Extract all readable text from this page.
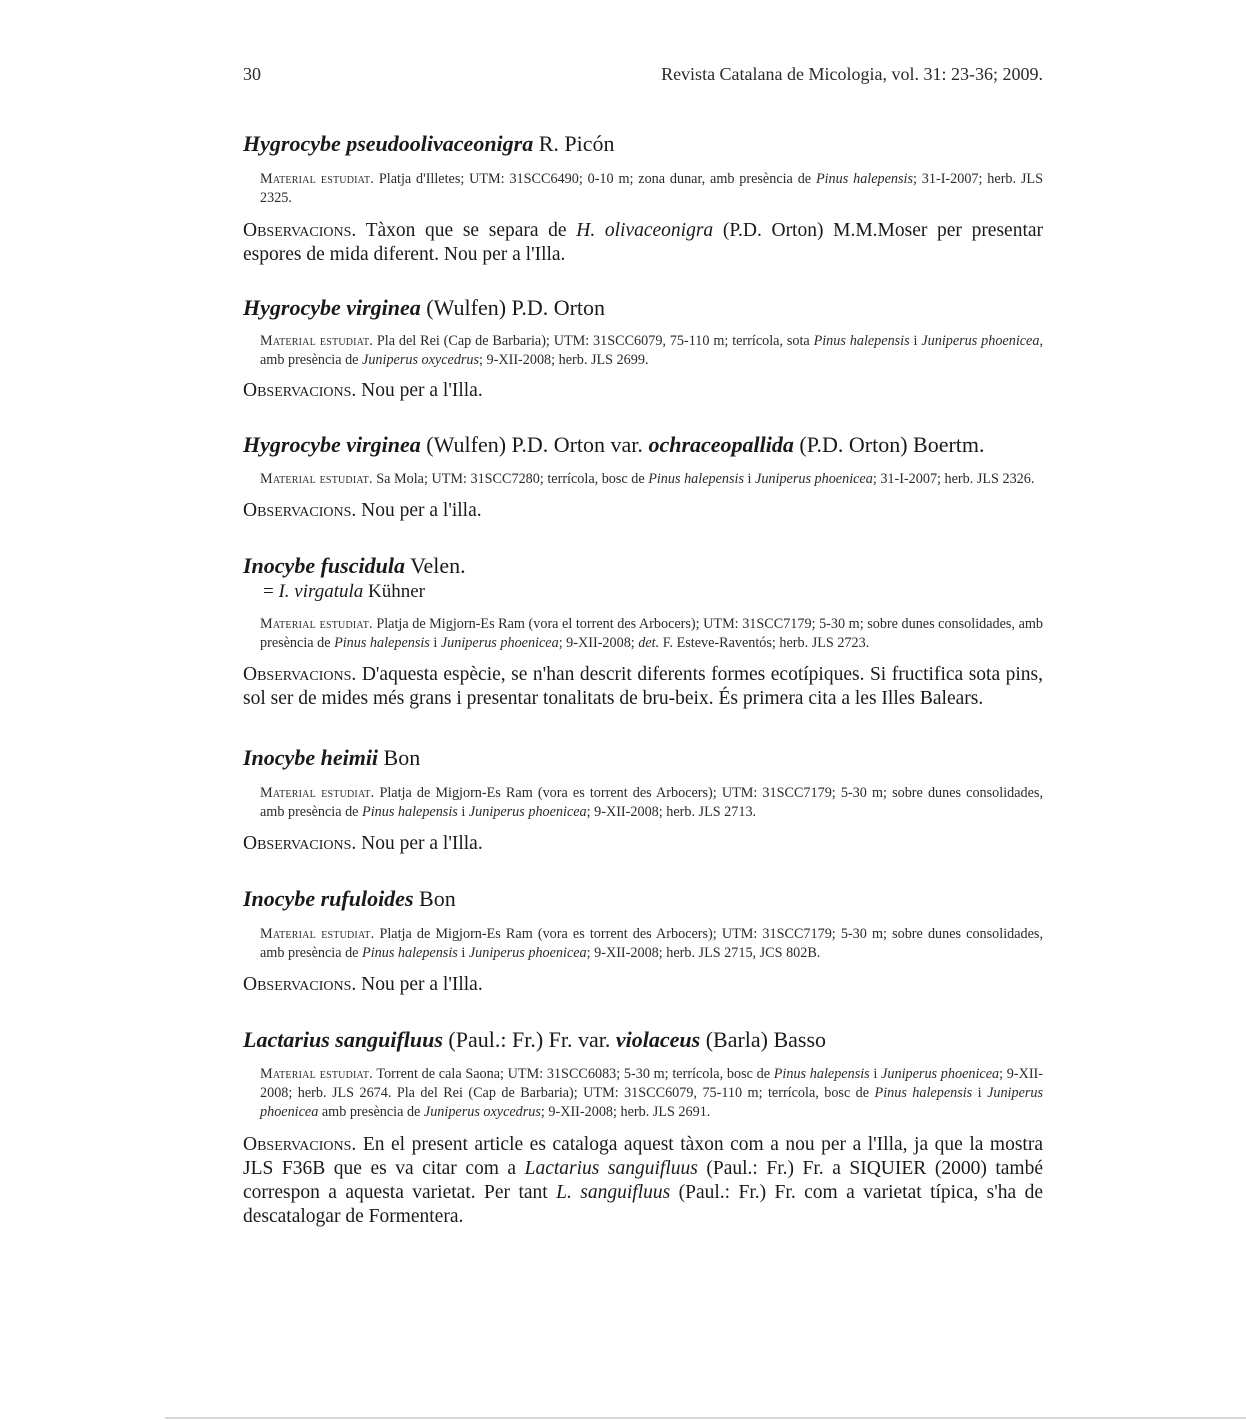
30	Revista Catalana de Micologia, vol. 31: 23-36; 2009.
Hygrocybe pseudoolivaceonigra R. Picón

Material estudiat. Platja d'Illetes; UTM: 31SCC6490; 0-10 m; zona dunar, amb presència de Pinus halepensis; 31-I-2007; herb. JLS 2325.

Observacions. Tàxon que se separa de H. olivaceonigra (P.D. Orton) M.M.Moser per presentar espores de mida diferent. Nou per a l'Illa.

Hygrocybe virginea (Wulfen) P.D. Orton

Material estudiat. Pla del Rei (Cap de Barbaria); UTM: 31SCC6079, 75-110 m; terrícola, sota Pinus halepensis i Juniperus phoenicea, amb presència de Juniperus oxycedrus; 9-XII-2008; herb. JLS 2699.

Observacions. Nou per a l'Illa.

Hygrocybe virginea (Wulfen) P.D. Orton var. ochraceopallida (P.D. Orton) Boertm.

Material estudiat. Sa Mola; UTM: 31SCC7280; terrícola, bosc de Pinus halepensis i Juniperus phoenicea; 31-I-2007; herb. JLS 2326.

Observacions. Nou per a l'illa.

Inocybe fuscidula Velen.
= I. virgatula Kühner

Material estudiat. Platja de Migjorn-Es Ram (vora el torrent des Arbocers); UTM: 31SCC7179; 5-30 m; sobre dunes consolidades, amb presència de Pinus halepensis i Juniperus phoenicea; 9-XII-2008; det. F. Esteve-Raventós; herb. JLS 2723.

Observacions. D'aquesta espècie, se n'han descrit diferents formes ecotípiques. Si fructifica sota pins, sol ser de mides més grans i presentar tonalitats de bru-beix. És primera cita a les Illes Balears.

Inocybe heimii Bon

Material estudiat. Platja de Migjorn-Es Ram (vora es torrent des Arbocers); UTM: 31SCC7179; 5-30 m; sobre dunes consolidades, amb presència de Pinus halepensis i Juniperus phoenicea; 9-XII-2008; herb. JLS 2713.

Observacions. Nou per a l'Illa.

Inocybe rufuloides Bon

Material estudiat. Platja de Migjorn-Es Ram (vora es torrent des Arbocers); UTM: 31SCC7179; 5-30 m; sobre dunes consolidades, amb presència de Pinus halepensis i Juniperus phoenicea; 9-XII-2008; herb. JLS 2715, JCS 802B.

Observacions. Nou per a l'Illa.

Lactarius sanguifluus (Paul.: Fr.) Fr. var. violaceus (Barla) Basso

Material estudiat. Torrent de cala Saona; UTM: 31SCC6083; 5-30 m; terrícola, bosc de Pinus halepensis i Juniperus phoenicea; 9-XII-2008; herb. JLS 2674. Pla del Rei (Cap de Barbaria); UTM: 31SCC6079, 75-110 m; terrícola, bosc de Pinus halepensis i Juniperus phoenicea amb presència de Juniperus oxycedrus; 9-XII-2008; herb. JLS 2691.

Observacions. En el present article es cataloga aquest tàxon com a nou per a l'Illa, ja que la mostra JLS F36B que es va citar com a Lactarius sanguifluus (Paul.: Fr.) Fr. a SIQUIER (2000) també correspon a aquesta varietat. Per tant L. sanguifluus (Paul.: Fr.) Fr. com a varietat típica, s'ha de descatalogar de Formentera.
